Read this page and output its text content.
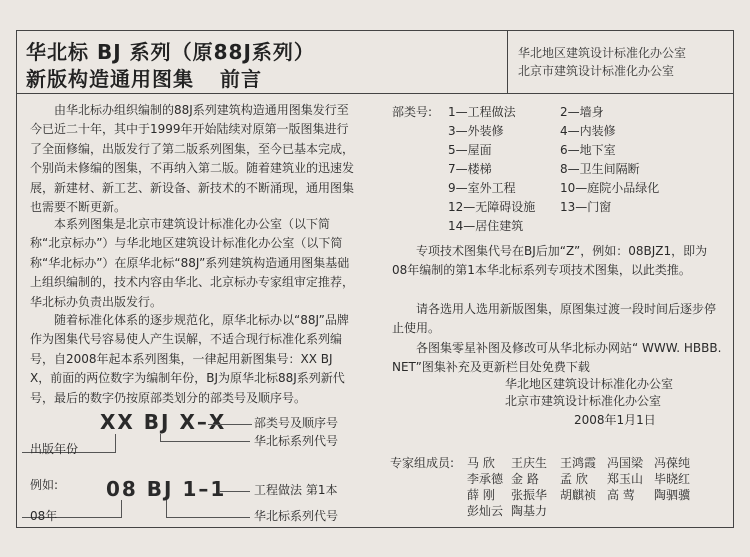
华北标 BJ 系列（原88J系列）
新版构造通用图集 前言
华北地区建筑设计标准化办公室
北京市建筑设计标准化办公室
由华北标办组织编制的88J系列建筑构造通用图集发行至今已近二十年，其中于1999年开始陆续对原第一版图集进行了全面修编，出版发行了第二版系列图集，至今已基本完成，个别尚未修编的图集，不再纳入第二版。随着建筑业的迅速发展，新建材、新工艺、新设备、新技术的不断涌现，通用图集也需要不断更新。
本系列图集是北京市建筑设计标准化办公室（以下简称“北京标办”）与华北地区建筑设计标准化办公室（以下简称“华北标办”）在原华北标“88J”系列建筑构造通用图集基础上组织编制的，技术内容由华北、北京标办专家组审定推荐，华北标办负责出版发行。
随着标准化体系的逐步规范化，原华北标办以“88J”品牌作为图集代号容易使人产生误解，不适合现行标准化系列编号，自2008年起本系列图集，一律起用新图集号：XX BJ X，前面的两位数字为编制年份，BJ为原华北标88J系列新代号，最后的数字仍按原部类划分的部类号及顺序号。
XX BJ X–X 部类号及顺序号
出版年份
华北标系列代号
例如: 08 BJ 1–1 工程做法 第1本
08年	华北标系列代号
部类号: 1—工程做法	2—墙身
3—外装修	4—内装修
5—屋面	6—地下室
7—楼梯	8—卫生间隔断
9—室外工程	10—庭院小品绿化
12—无障碍设施 13—门窗
14—居住建筑
专项技术图集代号在BJ后加“Z”，例如：08BJZ1，即为08年编制的第1本华北标系列专项技术图集，以此类推。
请各选用人选用新版图集，原图集过渡一段时间后逐步停止使用。
各图集零星补图及修改可从华北标办网站“ WWW. HBBB. NET”图集补充及更新栏目处免费下载
华北地区建筑设计标准化办公室
北京市建筑设计标准化办公室
2008年1月1日
专家组成员: 马 欣 王庆生 王鸿霞 冯国梁 冯葆纯
李承德 金 路 孟 欣 郑玉山 毕晓红
薛 刚 张振华 胡麒祯 高 莺 陶驷骥
彭灿云 陶基力
